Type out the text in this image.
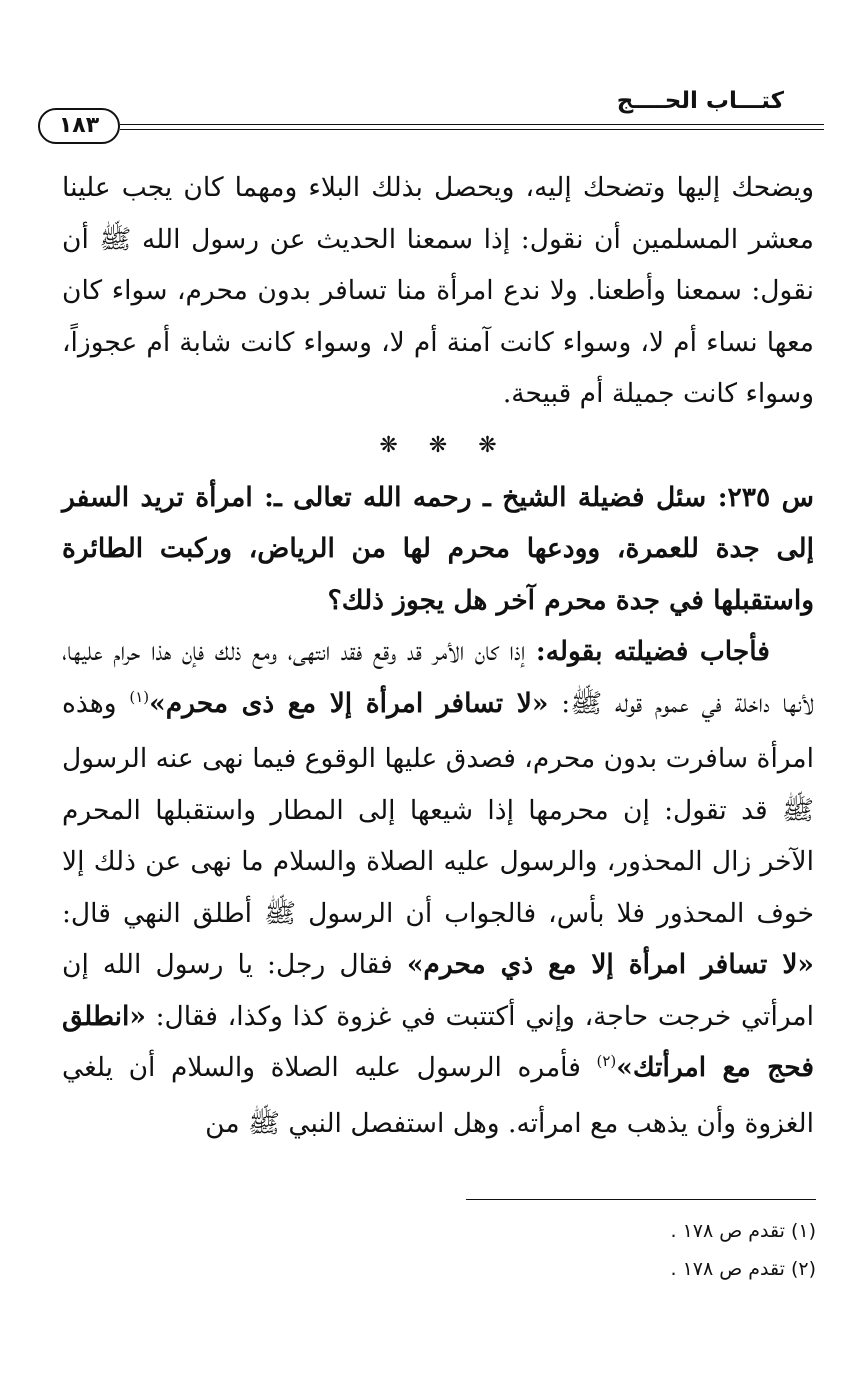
كتـــاب الحــــج
١٨٣

ويضحك إليها وتضحك إليه، ويحصل بذلك البلاء ومهما كان يجب علينا معشر المسلمين أن نقول: إذا سمعنا الحديث عن رسول الله ﷺ أن نقول: سمعنا وأطعنا. ولا ندع امرأة منا تسافر بدون محرم، سواء كان معها نساء أم لا، وسواء كانت آمنة أم لا، وسواء كانت شابة أم عجوزاً، وسواء كانت جميلة أم قبيحة.

❋ ❋ ❋

س ٢٣٥: سئل فضيلة الشيخ ـ رحمه الله تعالى ـ: امرأة تريد السفر إلى جدة للعمرة، وودعها محرم لها من الرياض، وركبت الطائرة واستقبلها في جدة محرم آخر هل يجوز ذلك؟

فأجاب فضيلته بقوله: إذا كان الأمر قد وقع فقد انتهى، ومع ذلك فإن هذا حرام عليها، لأنها داخلة في عموم قوله ﷺ: «لا تسافر امرأة إلا مع ذى محرم»$^{(١)}$ وهذه امرأة سافرت بدون محرم، فصدق عليها الوقوع فيما نهى عنه الرسول ﷺ قد تقول: إن محرمها إذا شيعها إلى المطار واستقبلها المحرم الآخر زال المحذور، والرسول عليه الصلاة والسلام ما نهى عن ذلك إلا خوف المحذور فلا بأس، فالجواب أن الرسول ﷺ أطلق النهي قال: «لا تسافر امرأة إلا مع ذي محرم» فقال رجل: يا رسول الله إن امرأتي خرجت حاجة، وإني أكتتبت في غزوة كذا وكذا، فقال: «انطلق فحج مع امرأتك»$^{(٢)}$ فأمره الرسول عليه الصلاة والسلام أن يلغي الغزوة وأن يذهب مع امرأته. وهل استفصل النبي ﷺ من

(١) تقدم ص ١٧٨ .
(٢) تقدم ص ١٧٨ .
